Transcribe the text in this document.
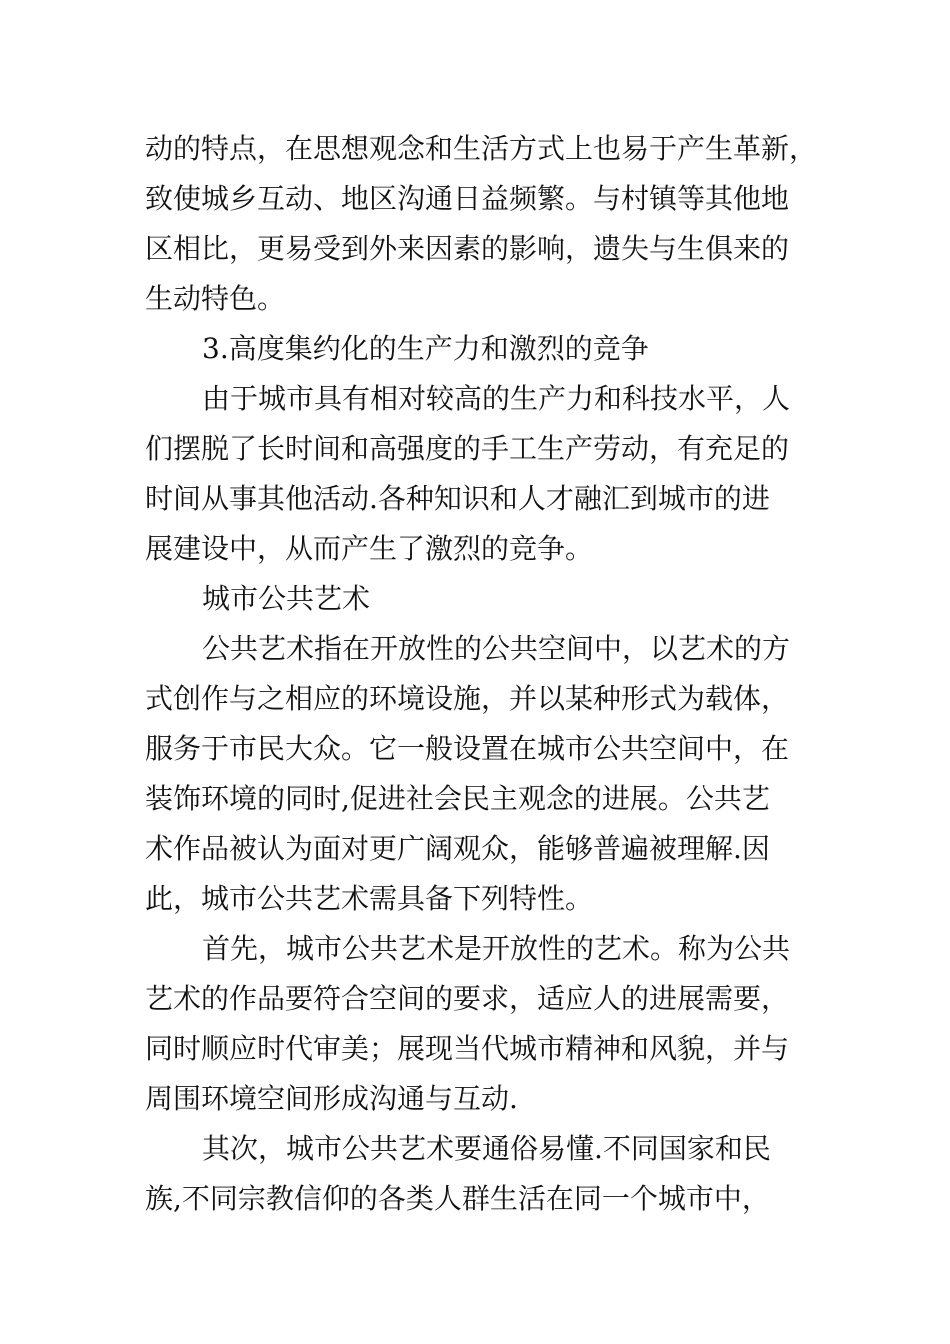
动的特点，在思想观念和生活方式上也易于产生革新，
致使城乡互动、地区沟通日益频繁。与村镇等其他地
区相比，更易受到外来因素的影响，遗失与生俱来的
生动特色。
3.高度集约化的生产力和激烈的竞争
由于城市具有相对较高的生产力和科技水平，人
们摆脱了长时间和高强度的手工生产劳动，有充足的
时间从事其他活动.各种知识和人才融汇到城市的进
展建设中，从而产生了激烈的竞争。
城市公共艺术
公共艺术指在开放性的公共空间中，以艺术的方
式创作与之相应的环境设施，并以某种形式为载体，
服务于市民大众。它一般设置在城市公共空间中，在
装饰环境的同时,促进社会民主观念的进展。公共艺
术作品被认为面对更广阔观众，能够普遍被理解.因
此，城市公共艺术需具备下列特性。
首先，城市公共艺术是开放性的艺术。称为公共
艺术的作品要符合空间的要求，适应人的进展需要，
同时顺应时代审美；展现当代城市精神和风貌，并与
周围环境空间形成沟通与互动.
其次，城市公共艺术要通俗易懂.不同国家和民
族,不同宗教信仰的各类人群生活在同一个城市中，
